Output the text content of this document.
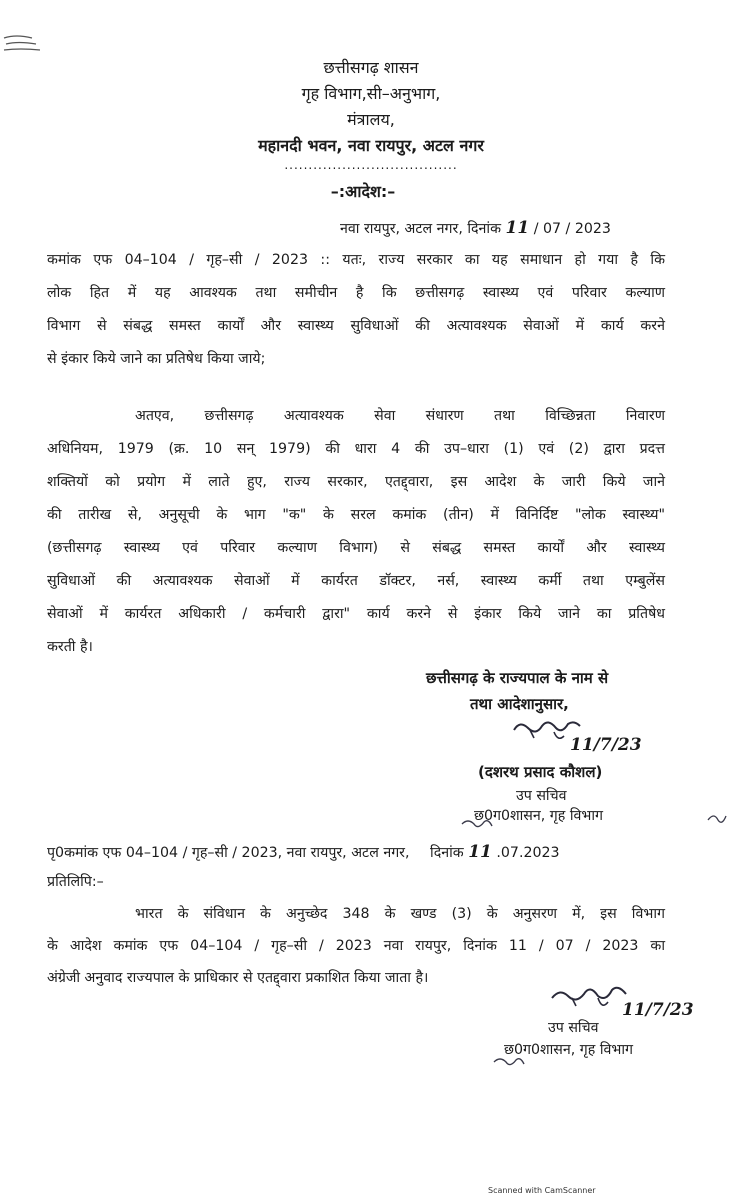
छत्तीसगढ़ शासन
गृह विभाग,सी–अनुभाग,
मंत्रालय,
महानदी भवन, नवा रायपुर, अटल नगर
....................................
–:आदेश:–
नवा रायपुर, अटल नगर, दिनांक 11 / 07 / 2023
कमांक एफ 04–104 / गृह–सी / 2023 :: यतः, राज्य सरकार का यह समाधान हो गया है कि
लोक हित में यह आवश्यक तथा समीचीन है कि छत्तीसगढ़ स्वास्थ्य एवं परिवार कल्याण
विभाग से संबद्ध समस्त कार्यों और स्वास्थ्य सुविधाओं की अत्यावश्यक सेवाओं में कार्य करने
से इंकार किये जाने का प्रतिषेध किया जाये;
अतएव, छत्तीसगढ़ अत्यावश्यक सेवा संधारण तथा विच्छिन्नता निवारण
अधिनियम, 1979 (क्र. 10 सन् 1979) की धारा 4 की उप–धारा (1) एवं (2) द्वारा प्रदत्त
शक्तियों को प्रयोग में लाते हुए, राज्य सरकार, एतद्द्वारा, इस आदेश के जारी किये जाने
की तारीख से, अनुसूची के भाग "क" के सरल कमांक (तीन) में विनिर्दिष्ट "लोक स्वास्थ्य"
(छत्तीसगढ़ स्वास्थ्य एवं परिवार कल्याण विभाग) से संबद्ध समस्त कार्यों और स्वास्थ्य
सुविधाओं की अत्यावश्यक सेवाओं में कार्यरत डॉक्टर, नर्स, स्वास्थ्य कर्मी तथा एम्बुलेंस
सेवाओं में कार्यरत अधिकारी / कर्मचारी द्वारा" कार्य करने से इंकार किये जाने का प्रतिषेध
करती है।
छत्तीसगढ़ के राज्यपाल के नाम से
तथा आदेशानुसार,
11/7/23
(दशरथ प्रसाद कौशल)
उप सचिव
छ0ग0शासन, गृह विभाग
पृ0कमांक एफ 04–104 / गृह–सी / 2023, नवा रायपुर, अटल नगर, दिनांक 11 .07.2023
प्रतिलिपि:–
भारत के संविधान के अनुच्छेद 348 के खण्ड (3) के अनुसरण में, इस विभाग
के आदेश कमांक एफ 04–104 / गृह–सी / 2023 नवा रायपुर, दिनांक 11 / 07 / 2023 का
अंग्रेजी अनुवाद राज्यपाल के प्राधिकार से एतद्द्वारा प्रकाशित किया जाता है।
11/7/23
उप सचिव
छ0ग0शासन, गृह विभाग
Scanned with CamScanner
